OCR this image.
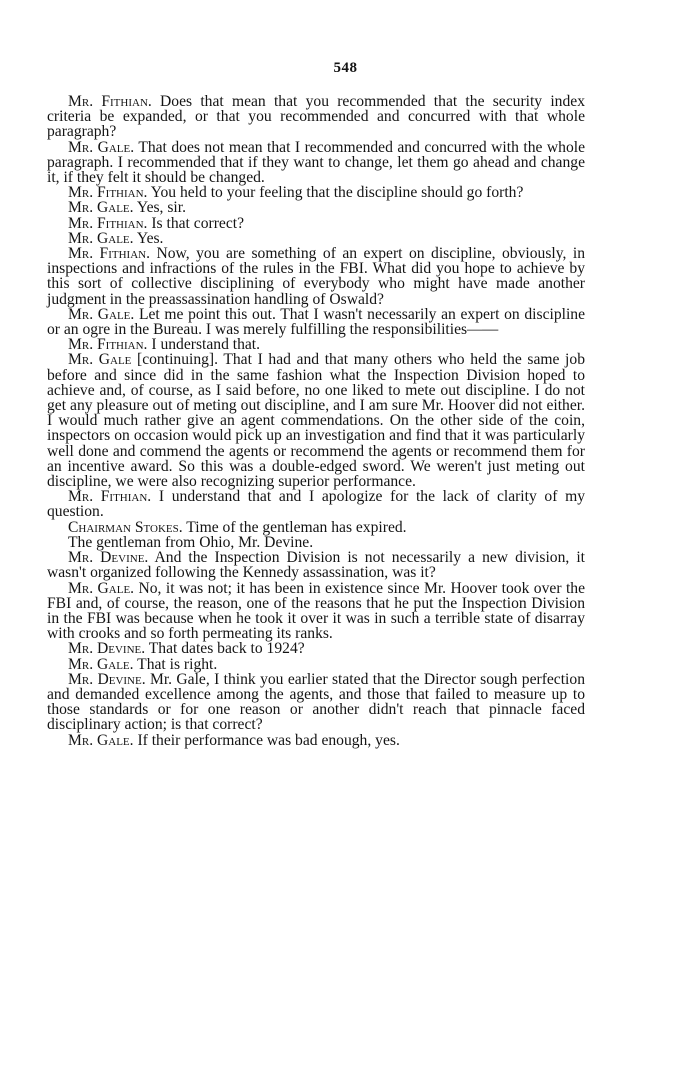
548

Mr. Fithian. Does that mean that you recommended that the security index criteria be expanded, or that you recommended and concurred with that whole paragraph?

Mr. Gale. That does not mean that I recommended and concurred with the whole paragraph. I recommended that if they want to change, let them go ahead and change it, if they felt it should be changed.

Mr. Fithian. You held to your feeling that the discipline should go forth?

Mr. Gale. Yes, sir.

Mr. Fithian. Is that correct?

Mr. Gale. Yes.

Mr. Fithian. Now, you are something of an expert on discipline, obviously, in inspections and infractions of the rules in the FBI. What did you hope to achieve by this sort of collective disciplining of everybody who might have made another judgment in the preassassination handling of Oswald?

Mr. Gale. Let me point this out. That I wasn't necessarily an expert on discipline or an ogre in the Bureau. I was merely fulfilling the responsibilities——

Mr. Fithian. I understand that.

Mr. Gale [continuing]. That I had and that many others who held the same job before and since did in the same fashion what the Inspection Division hoped to achieve and, of course, as I said before, no one liked to mete out discipline. I do not get any pleasure out of meting out discipline, and I am sure Mr. Hoover did not either. I would much rather give an agent commendations. On the other side of the coin, inspectors on occasion would pick up an investigation and find that it was particularly well done and commend the agents or recommend the agents or recommend them for an incentive award. So this was a double-edged sword. We weren't just meting out discipline, we were also recognizing superior performance.

Mr. Fithian. I understand that and I apologize for the lack of clarity of my question.

Chairman Stokes. Time of the gentleman has expired.

The gentleman from Ohio, Mr. Devine.

Mr. Devine. And the Inspection Division is not necessarily a new division, it wasn't organized following the Kennedy assassination, was it?

Mr. Gale. No, it was not; it has been in existence since Mr. Hoover took over the FBI and, of course, the reason, one of the reasons that he put the Inspection Division in the FBI was because when he took it over it was in such a terrible state of disarray with crooks and so forth permeating its ranks.

Mr. Devine. That dates back to 1924?

Mr. Gale. That is right.

Mr. Devine. Mr. Gale, I think you earlier stated that the Director sough perfection and demanded excellence among the agents, and those that failed to measure up to those standards or for one reason or another didn't reach that pinnacle faced disciplinary action; is that correct?

Mr. Gale. If their performance was bad enough, yes.
